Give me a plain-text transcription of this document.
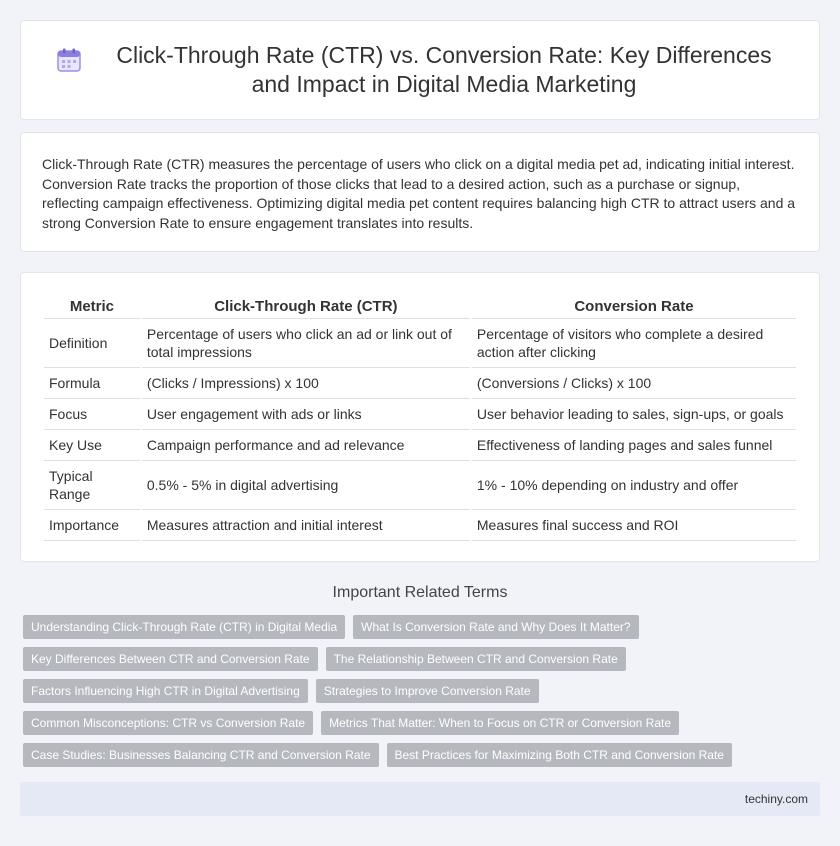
Click-Through Rate (CTR) vs. Conversion Rate: Key Differences and Impact in Digital Media Marketing

Click-Through Rate (CTR) measures the percentage of users who click on a digital media pet ad, indicating initial interest. Conversion Rate tracks the proportion of those clicks that lead to a desired action, such as a purchase or signup, reflecting campaign effectiveness. Optimizing digital media pet content requires balancing high CTR to attract users and a strong Conversion Rate to ensure engagement translates into results.

Metric	Click-Through Rate (CTR)	Conversion Rate
Definition	Percentage of users who click an ad or link out of total impressions	Percentage of visitors who complete a desired action after clicking
Formula	(Clicks / Impressions) x 100	(Conversions / Clicks) x 100
Focus	User engagement with ads or links	User behavior leading to sales, sign-ups, or goals
Key Use	Campaign performance and ad relevance	Effectiveness of landing pages and sales funnel
Typical Range	0.5% - 5% in digital advertising	1% - 10% depending on industry and offer
Importance	Measures attraction and initial interest	Measures final success and ROI
Important Related Terms
Understanding Click-Through Rate (CTR) in Digital Media	What Is Conversion Rate and Why Does It Matter?
Key Differences Between CTR and Conversion Rate	The Relationship Between CTR and Conversion Rate
Factors Influencing High CTR in Digital Advertising	Strategies to Improve Conversion Rate
Common Misconceptions: CTR vs Conversion Rate	Metrics That Matter: When to Focus on CTR or Conversion Rate
Case Studies: Businesses Balancing CTR and Conversion Rate	Best Practices for Maximizing Both CTR and Conversion Rate
techiny.com
